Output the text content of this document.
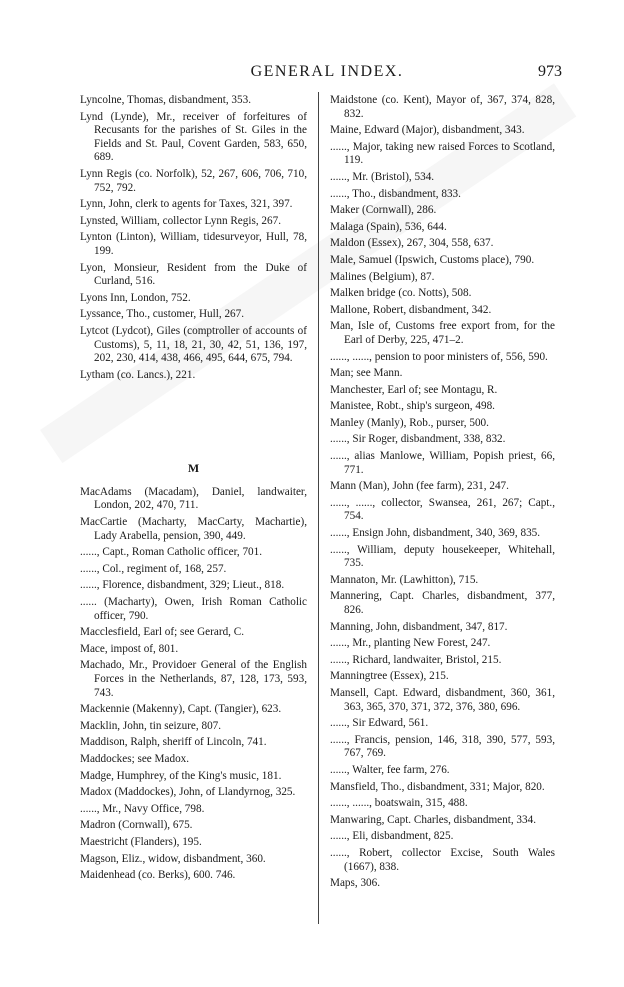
GENERAL INDEX.	973
Lyncolne, Thomas, disbandment, 353.
Lynd (Lynde), Mr., receiver of forfeitures of Recusants for the parishes of St. Giles in the Fields and St. Paul, Covent Garden, 583, 650, 689.
Lynn Regis (co. Norfolk), 52, 267, 606, 706, 710, 752, 792.
Lynn, John, clerk to agents for Taxes, 321, 397.
Lynsted, William, collector Lynn Regis, 267.
Lynton (Linton), William, tidesurveyor, Hull, 78, 199.
Lyon, Monsieur, Resident from the Duke of Curland, 516.
Lyons Inn, London, 752.
Lyssance, Tho., customer, Hull, 267.
Lytcot (Lydcot), Giles (comptroller of accounts of Customs), 5, 11, 18, 21, 30, 42, 51, 136, 197, 202, 230, 414, 438, 466, 495, 644, 675, 794.
Lytham (co. Lancs.), 221.
M
MacAdams (Macadam), Daniel, landwaiter, London, 202, 470, 711.
MacCartie (Macharty, MacCarty, Machartie), Lady Arabella, pension, 390, 449.
......, Capt., Roman Catholic officer, 701.
......, Col., regiment of, 168, 257.
......, Florence, disbandment, 329; Lieut., 818.
...... (Macharty), Owen, Irish Roman Catholic officer, 790.
Macclesfield, Earl of; see Gerard, C.
Mace, impost of, 801.
Machado, Mr., Providoer General of the English Forces in the Netherlands, 87, 128, 173, 593, 743.
Mackennie (Makenny), Capt. (Tangier), 623.
Macklin, John, tin seizure, 807.
Maddison, Ralph, sheriff of Lincoln, 741.
Maddockes; see Madox.
Madge, Humphrey, of the King's music, 181.
Madox (Maddockes), John, of Llandyrnog, 325.
......, Mr., Navy Office, 798.
Madron (Cornwall), 675.
Maestricht (Flanders), 195.
Magson, Eliz., widow, disbandment, 360.
Maidenhead (co. Berks), 600. 746.
Maidstone (co. Kent), Mayor of, 367, 374, 828, 832.
Maine, Edward (Major), disbandment, 343.
......, Major, taking new raised Forces to Scotland, 119.
......, Mr. (Bristol), 534.
......, Tho., disbandment, 833.
Maker (Cornwall), 286.
Malaga (Spain), 536, 644.
Maldon (Essex), 267, 304, 558, 637.
Male, Samuel (Ipswich, Customs place), 790.
Malines (Belgium), 87.
Malken bridge (co. Notts), 508.
Mallone, Robert, disbandment, 342.
Man, Isle of, Customs free export from, for the Earl of Derby, 225, 471–2.
......, ......, pension to poor ministers of, 556, 590.
Man; see Mann.
Manchester, Earl of; see Montagu, R.
Manistee, Robt., ship's surgeon, 498.
Manley (Manly), Rob., purser, 500.
......, Sir Roger, disbandment, 338, 832.
......, alias Manlowe, William, Popish priest, 66, 771.
Mann (Man), John (fee farm), 231, 247.
......, ......, collector, Swansea, 261, 267; Capt., 754.
......, Ensign John, disbandment, 340, 369, 835.
......, William, deputy housekeeper, Whitehall, 735.
Mannaton, Mr. (Lawhitton), 715.
Mannering, Capt. Charles, disbandment, 377, 826.
Manning, John, disbandment, 347, 817.
......, Mr., planting New Forest, 247.
......, Richard, landwaiter, Bristol, 215.
Manningtree (Essex), 215.
Mansell, Capt. Edward, disbandment, 360, 361, 363, 365, 370, 371, 372, 376, 380, 696.
......, Sir Edward, 561.
......, Francis, pension, 146, 318, 390, 577, 593, 767, 769.
......, Walter, fee farm, 276.
Mansfield, Tho., disbandment, 331; Major, 820.
......, ......, boatswain, 315, 488.
Manwaring, Capt. Charles, disbandment, 334.
......, Eli, disbandment, 825.
......, Robert, collector Excise, South Wales (1667), 838.
Maps, 306.
